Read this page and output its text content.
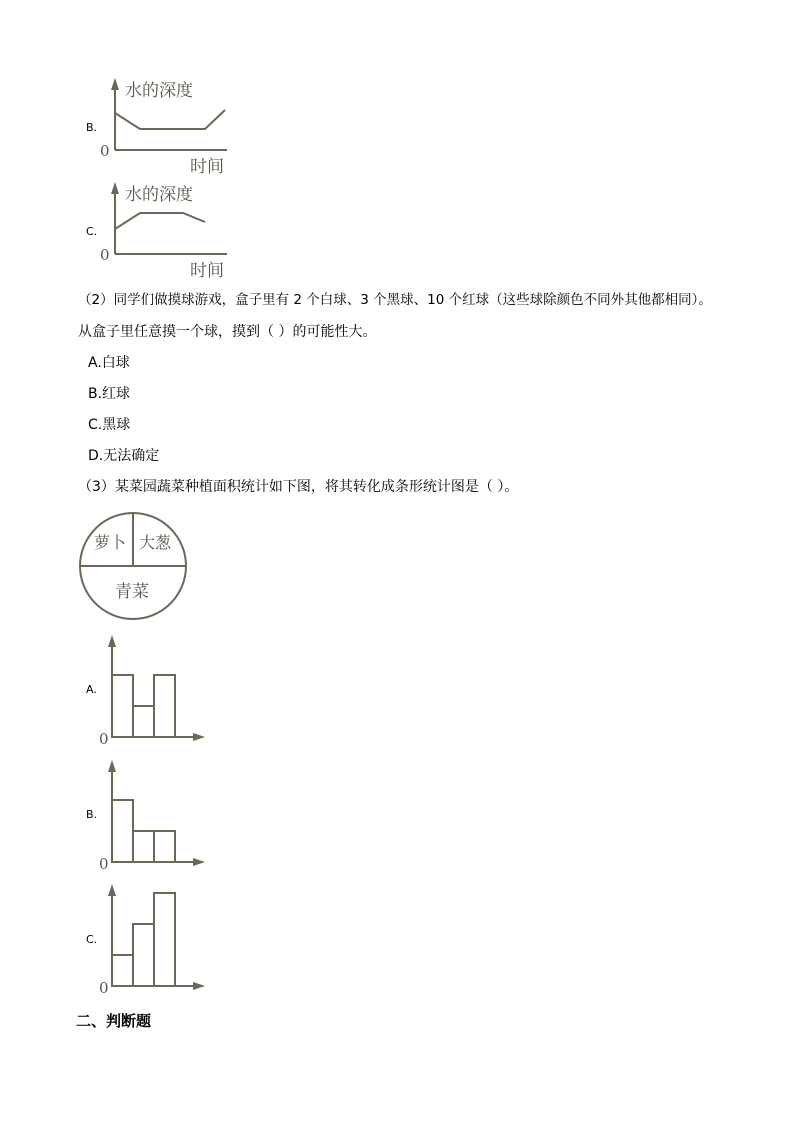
B.
水的深度
0
时间
C.
水的深度
0
时间
（2）同学们做摸球游戏，盒子里有 2 个白球、3 个黑球、10 个红球（这些球除颜色不同外其他都相同）。
从盒子里任意摸一个球，摸到（ ）的可能性大。
A.白球
B.红球
C.黑球
D.无法确定
（3）某菜园蔬菜种植面积统计如下图，将其转化成条形统计图是（ ）。
萝卜 大葱
青菜
A.
0
B.
0
C.
0
二、判断题
